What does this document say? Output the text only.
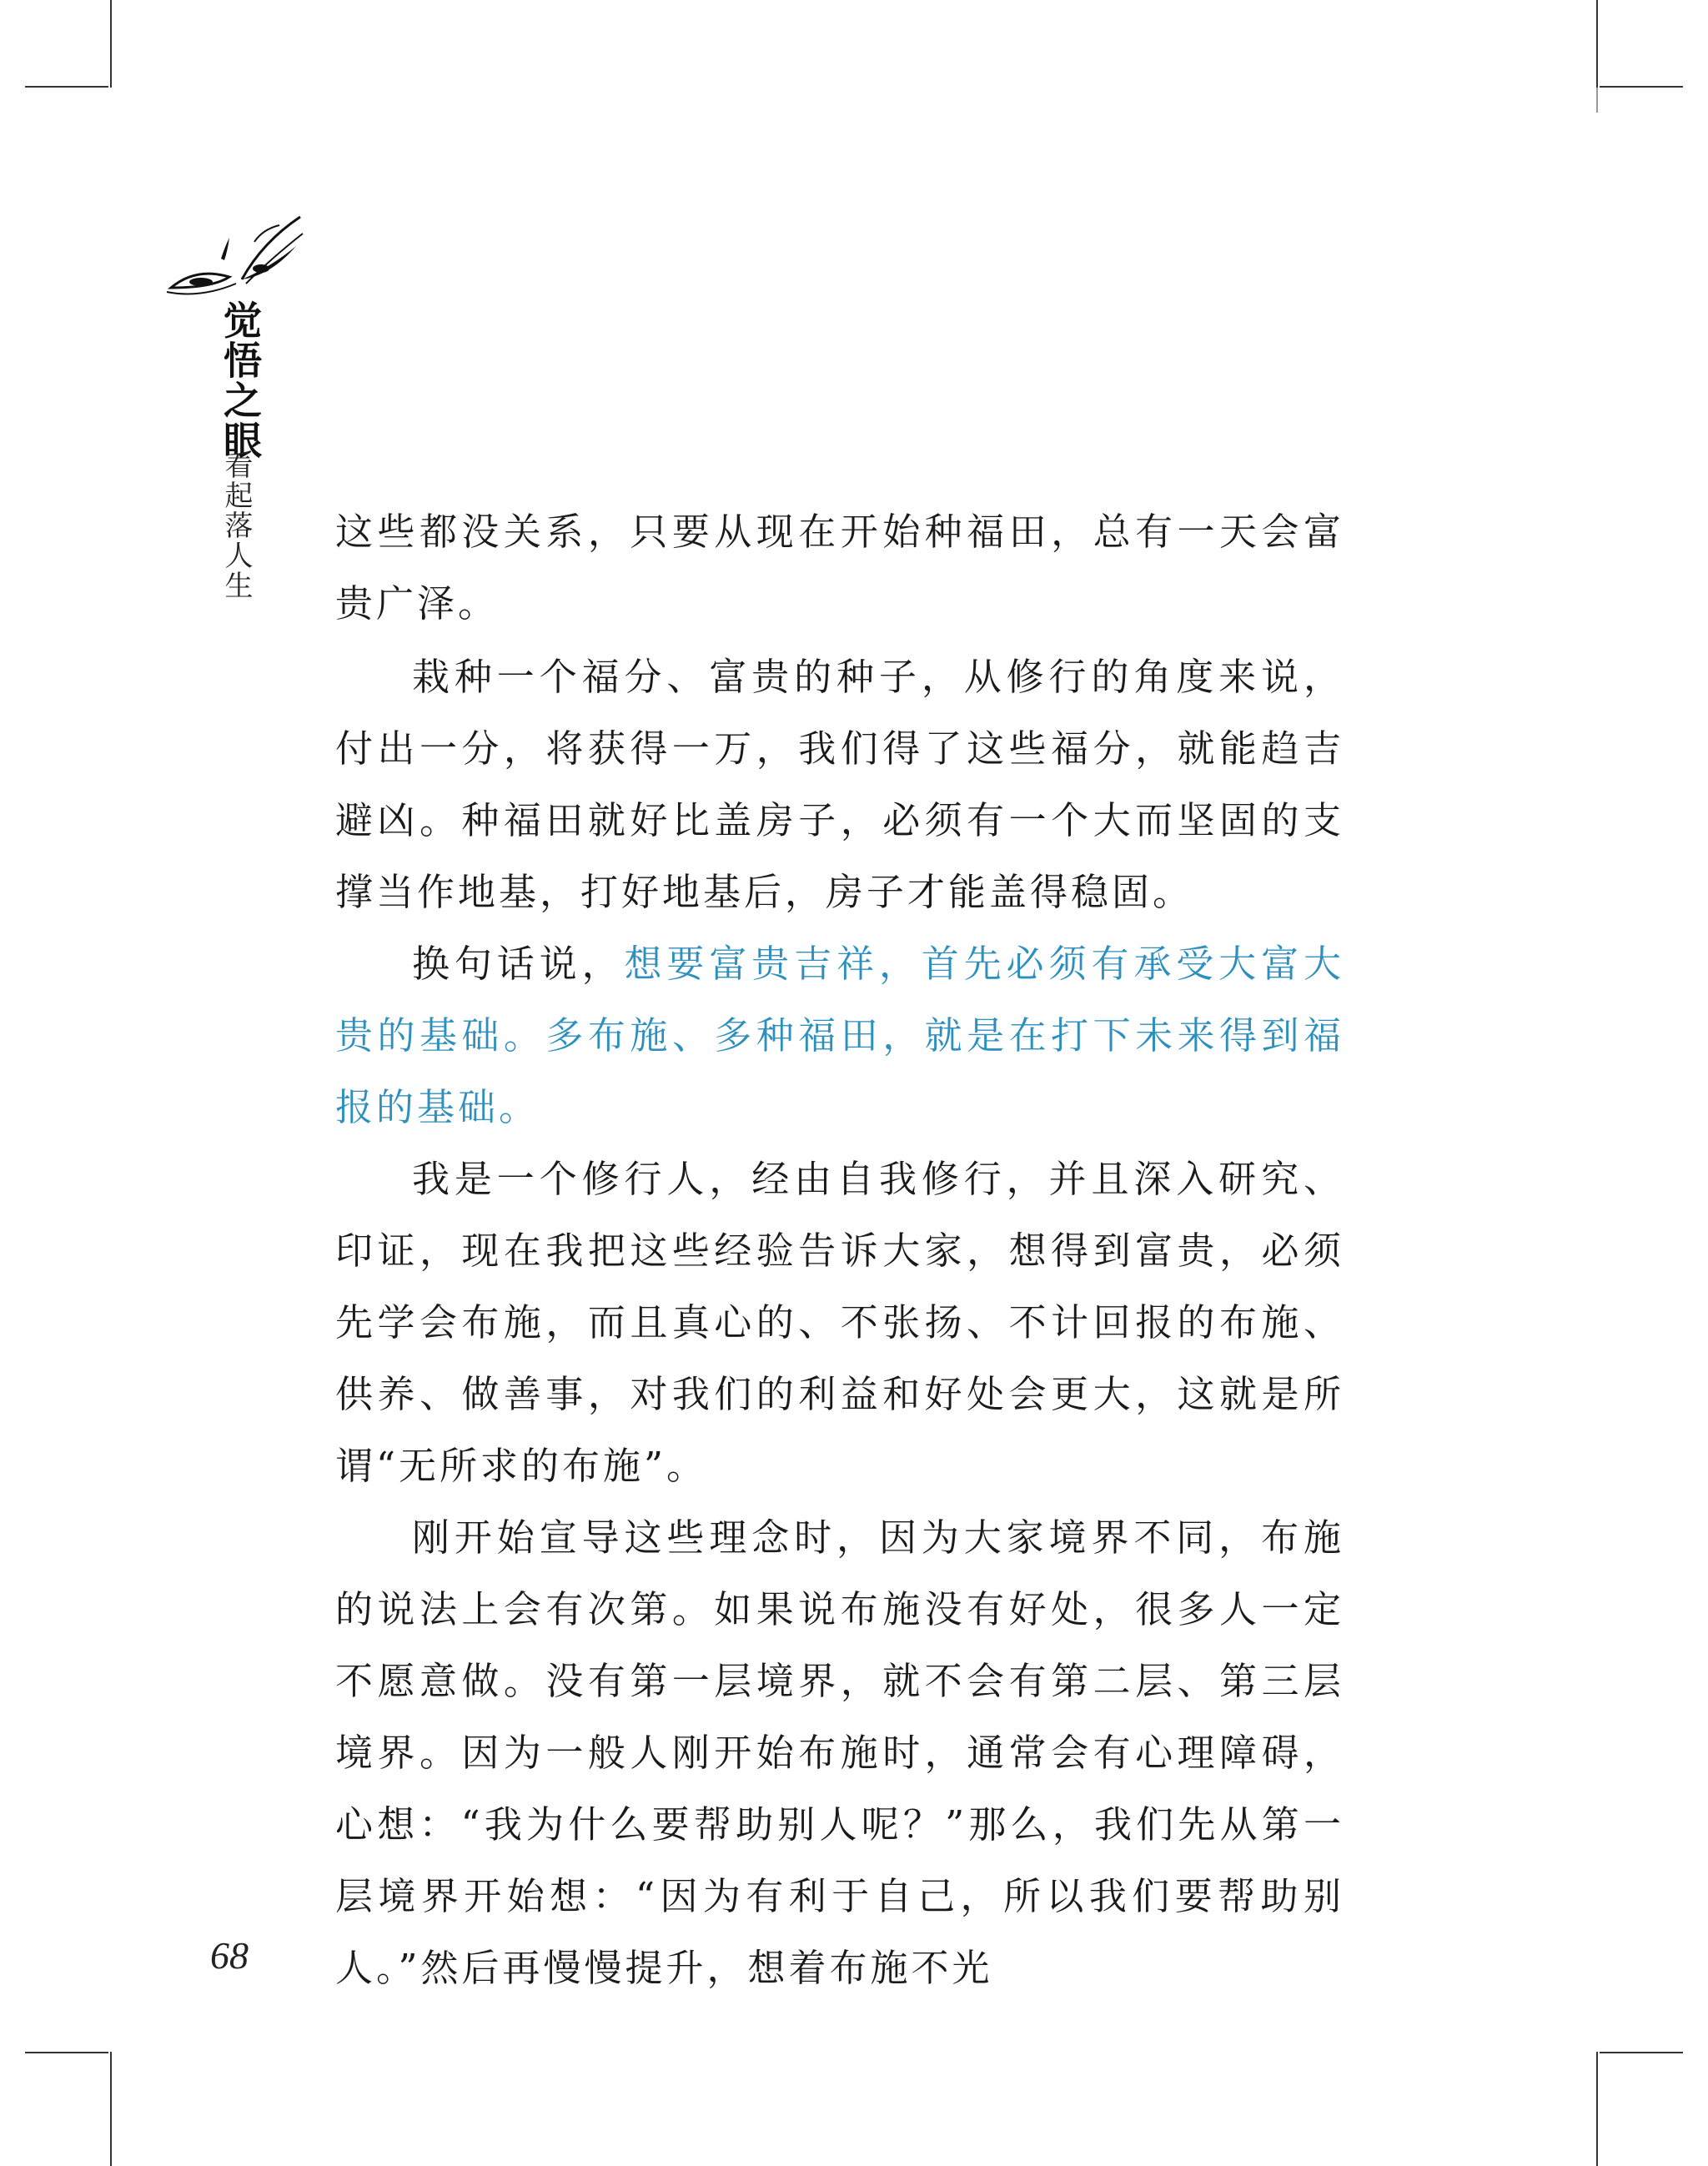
觉悟之眼
看起落人生 这些都没关系，只要从现在开始种福田，总有一天会富贵广泽。

栽种一个福分、富贵的种子，从修行的角度来说，付出一分，将获得一万，我们得了这些福分，就能趋吉避凶。种福田就好比盖房子，必须有一个大而坚固的支撑当作地基，打好地基后，房子才能盖得稳固。

换句话说，想要富贵吉祥，首先必须有承受大富大贵的基础。多布施、多种福田，就是在打下未来得到福报的基础。

我是一个修行人，经由自我修行，并且深入研究、印证，现在我把这些经验告诉大家，想得到富贵，必须先学会布施，而且真心的、不张扬、不计回报的布施、供养、做善事，对我们的利益和好处会更大，这就是所谓“无所求的布施”。

刚开始宣导这些理念时，因为大家境界不同，布施的说法上会有次第。如果说布施没有好处，很多人一定不愿意做。没有第一层境界，就不会有第二层、第三层境界。因为一般人刚开始布施时，通常会有心理障碍，心想：“我为什么要帮助别人呢？”那么，我们先从第一层境界开始想：“因为有利于自己，所以我们要帮助别人。”然后再慢慢提升，想着布施不光

68
